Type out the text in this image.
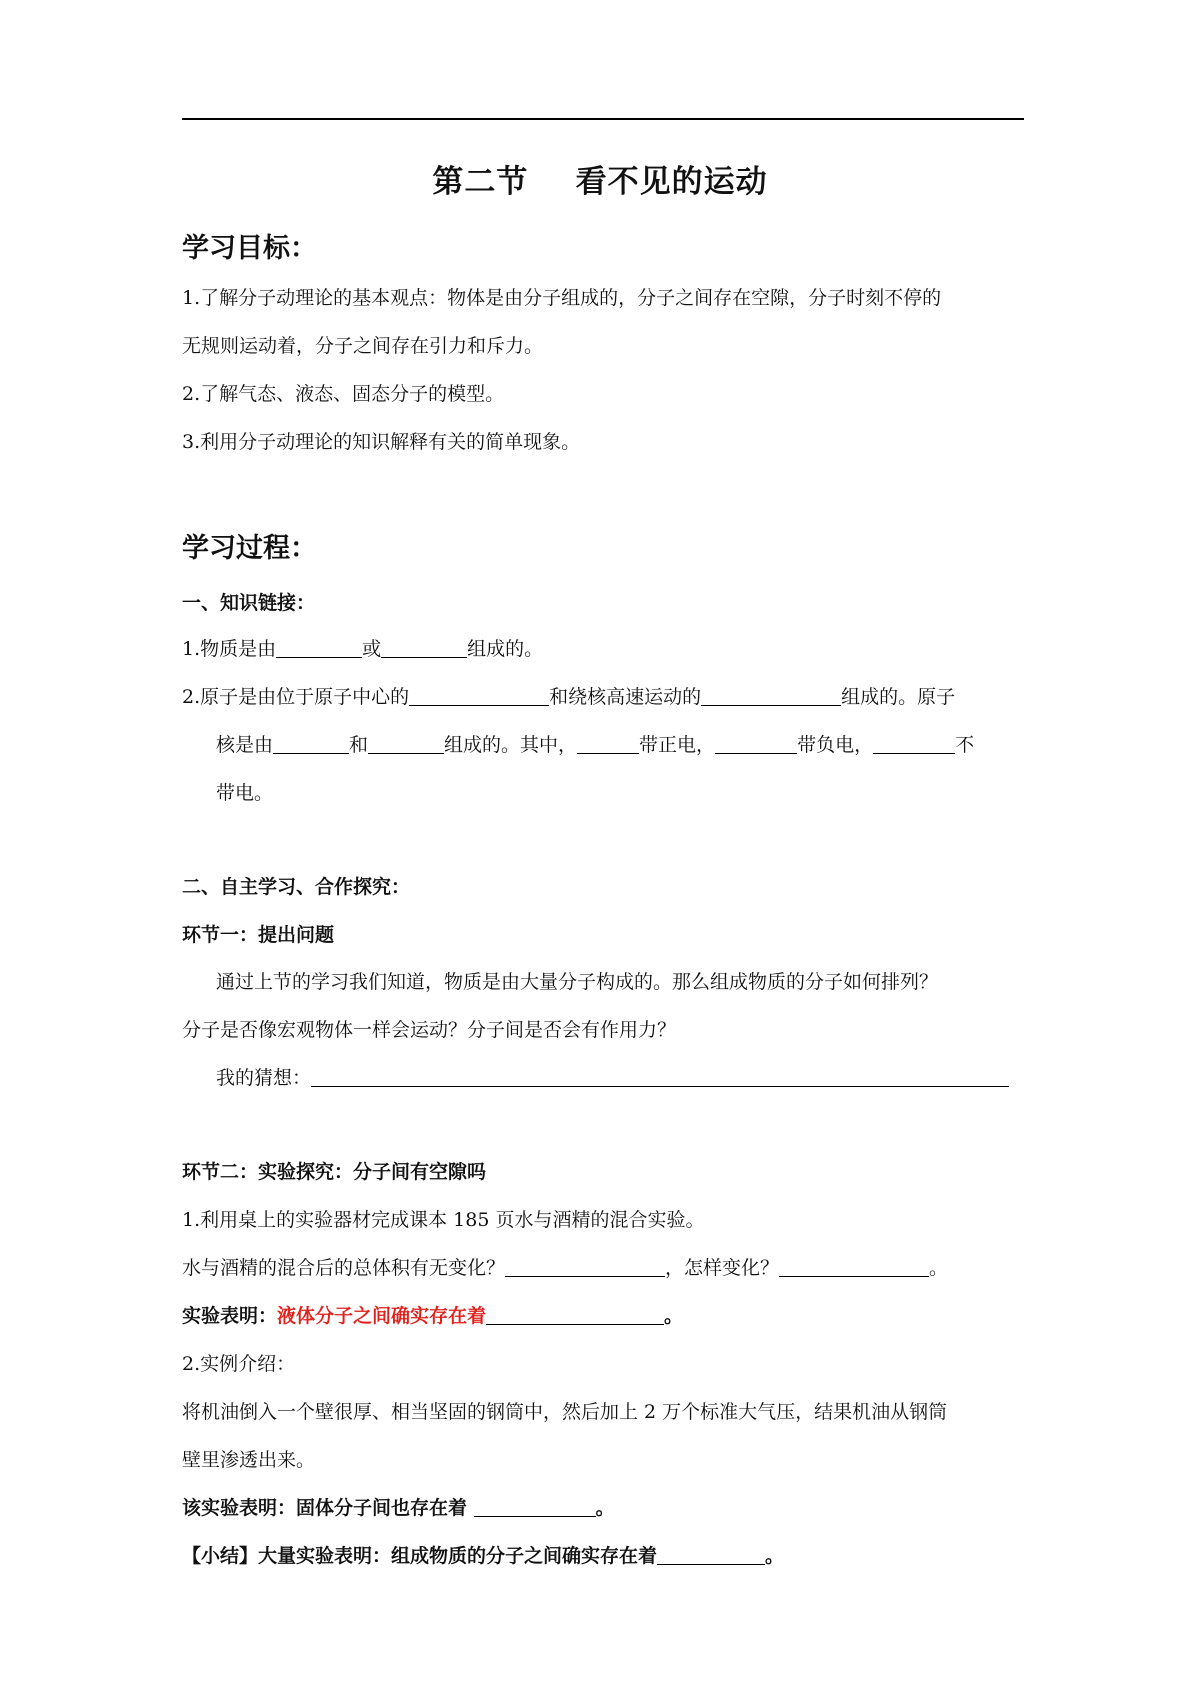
第二节    看不见的运动
学习目标：
1.了解分子动理论的基本观点：物体是由分子组成的，分子之间存在空隙，分子时刻不停的
无规则运动着，分子之间存在引力和斥力。
2.了解气态、液态、固态分子的模型。
3.利用分子动理论的知识解释有关的简单现象。
学习过程：
一、知识链接：
1.物质是由	或	组成的。
2.原子是由位于原子中心的	和绕核高速运动的	组成的。原子
核是由	和	组成的。其中，	带正电，	带负电，	不
带电。
二、自主学习、合作探究：
环节一：提出问题
通过上节的学习我们知道，物质是由大量分子构成的。那么组成物质的分子如何排列？
分子是否像宏观物体一样会运动？分子间是否会有作用力？
我的猜想：
环节二：实验探究：分子间有空隙吗
1.利用桌上的实验器材完成课本 185 页水与酒精的混合实验。
水与酒精的混合后的总体积有无变化？	，怎样变化？	。
实验表明：液体分子之间确实存在着	。
2.实例介绍：
将机油倒入一个壁很厚、相当坚固的钢筒中，然后加上 2 万个标准大气压，结果机油从钢筒
壁里渗透出来。
该实验表明：固体分子间也存在着	。
【小结】大量实验表明：组成物质的分子之间确实存在着	。
